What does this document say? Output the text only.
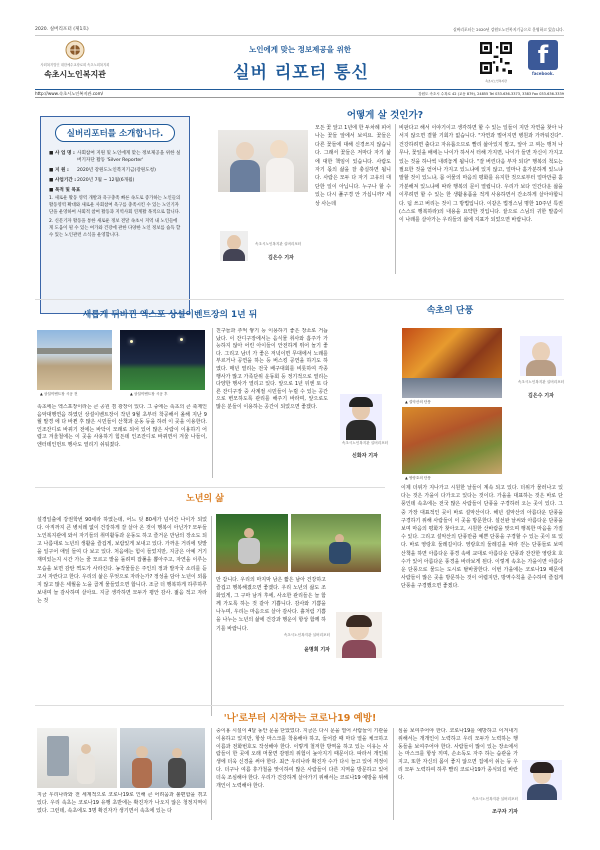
2020. 실버리포터 (제1호)	실버리포터는 2020년 강원도노인복지기금으로 운영하고 있습니다.
사회복지법인 대한예수교장로회 속초노회복지회
속초시노인복지관
노인에게 맞는 정보제공을 위한
실버 리포터 통신	속초시노인복지관
f
facebook.
http://www.속초시노인복지관.com/	강원도 속초시 수복로 42 (교동 879), 24855 Tel 033-636-3373, 3383 Fax 033-636-3339
실버리포터를 소개합니다.
■ 사 업 명 : 사회참여 지원 및 노인에게 맞는 정보제공을 위한 실버기자단 활동 'Silver Reporter'
■ 지 원 :	2020년 강원도노인복지기금(강원도청)
■ 사업기간 : 2020년 7월 ~ 12월(6개월)
■ 목적 및 목표
1. 새로운 활동 영역 개발과 욕구충족 빠른 속도로 증가하는 노인들의 활동영역 확대와 새로운 사회참여 욕구를 충족시킨 수 있는 노인기자단을 운영하여 사회적 참여 활동과 지역사회 연계활 목적으로 합니다.
2. 신문기자 활동을 통한 새로운 정보 전달 속초시 지역 내 노인들에게 도움이 될 수 있는 여가와 건강에 관한 다양한 노인 정보를 습득 할 수 있는 노인관련 소식을 운영합니다.
어떻게 살 것인가?
속초시노인복지관 실버리포터
김은수 기자
모든 꽃 앞고 1년에 한 두차례 피어나는 꽃들 앞에서 보여요. 꽃들은 다른 꽃들에 대해 신경쓰지 않습니다. 그래서 꽃들은 저마다 자기 삶에 대한 책임이 있습니다. 사람도 자기 몫의 삶을 잘 충실하면 됩니다. 사람은 모두 다 자기 고유의 대단한 일이 아닙니다. 누구나 할 수 있는 다시 풀구경 안 가십니까? 세상 사는데
비판다고 해서 이야기이고 생각하면 할 수 있는 일들이 지만 자연을 찾아 나서지 않으면 결할 기회가 없습니다. "자연과 멀어지면 병원과 가까워진다". 건강하려면 출다고 자유롭으므로 빨리 삶아있지 말고, 앞아 고 찌는 맹처 나무나, 꽃잎을 배에는 나이가 하서서 터해 가지면, 나이가 들면 자신이 가지고 있는 것을 하나씩 내려놓게 됩니다. "잘 버린다음 부자 되다" 행복의 척도는 필요한 것을 얻어나 가지고 있느냐에 있지 않고, 얼마나 홀가분하게 있느냐 말할 것이 있느냐, 몸 어물의 마음의 평화를 유지한 것으로부터 얼마만큼 홀가분해져 있느냐에 따라 행복의 문이 열립니다. 우리가 보다 인간다운 삶을 이루려면 할 수 있는 한 생활용품을 적게 사용하면서 간소하게 살아야합니다. 덥 쓰고 버리는 것이 그 방법입니다. 이같은 법정스님 명한 10주년 특권(스스로 행복하라)의 내용을 요약한 것입니다. 끝으로 스님의 귀한 말씀이 이 나래를 살아가는 우리들의 삶에 지표가 되었으면 바랍니다.
새롭게 뒤바뀐 엑스포 상설이벤트장의 1년 뒤
▲ 상설이벤트장 시공 전	▲ 상설이벤트장 시공 후
속초에는 엑스포장이라는 큰 공원 겸 광장이 있다. 그 중에는 속초의 큰 축제인 음악대행연음 하였던 상설이벤트장이 작년 9월 초부터 착공해서 올해 지난 9월 말경 에 다 바뀐 후 많은 시민들이 산책과 운동 등을 하러 이 곳을 이용한다. 인조잔디로 바뀌기 전에는 바닥이 모래로 되어 있어 많은 사람이 이용하기 어렵고 겨울철에는 이 곳을 사용하기 힘든데 인조잔디로 바뀌면서 겨울 나들이, 엔터테인먼트 행사도 열리기 쉬워졌다.
친구들과 추억 쌓기 등 이용하기 좋은 장소로 거듭났다. 이 잔디구장에서는 음식물 취사와 흡주가 가능하지 않아 어린 아이들이 안전하게 뛰어 놀기 좋다. 그리고 남녀 가 좋은 저녁이면 무대에서 노래를 부르거나 공연을 하는 등 버스킹 공연을 하기도 하였다. 매년 열리는 전국 배구대회를 비롯하여 각종 행사가 많고 가족단위 운동회 등 정기적으로 열리는 다양한 행사가 열리고 있다. 앞으로 1년 뒤엔 또 다른 잔디구장 중 사계절 시민들이 누릴 수 있는 공간으로 변모하도록 관리를 해주기 바라며, 앞으로도 많은 분들이 이용하는 공간이 되었으면 좋겠다.
속초시노인복지관 실버리포터
신화자 기자
속초의 단풍
▲ 설악산의 단풍
▲ 영랑호의 단풍
속초시노인복지관 실버리포터
김은수 기자
이제 더위가 지나가고 시원한 날들이 계속 되고 있다. 더위가 물러나고 있다는 것은 가을이 다가오고 있다는 것이다. 가을을 대표하는 것은 바로 단풍인데 속초에는 전국 많은 사람들이 단풍을 구경하러 오는 곳이 있다. 그 중 가장 대표적인 곳이 바로 설악산이다. 해년 설악산의 아름다운 단풍을 구경하기 위해 사람들이 이 곳을 방문한다. 설선완 날씨와 아름다운 단풍을 보며 마음의 평화가 찾아오고, 시원한 산바람을 맞으며 행복한 마음을 가질 수 있다. 그리고 설악산의 단풍만큼 예쁜 단풍을 구경할 수 있는 곳이 또 있다. 바로 영랑호 둘레길이다. 영랑호의 둘레길을 따라 걷는 단풍들로 보며 산책을 하면 아름다운 풍경 속에 교대로 아름다운 단풍과 잔잔한 영랑호 호수가 있어 아름다운 풍경을 바라보게 된다. 이렇게 속초는 가을이면 아름다운 단풍으로 물드는 도시로 탈바꿈한다. 이번 가을에는 코로나19 때문에 사람들이 많은 곳을 방문하는 것이 어렵지만, 방역수칙을 준수하며 즐겁게 단풍을 구경했으면 좋겠다.
노년의 삶
설경일출에 강권학번 90세라 하였는데, 어느 덧 80세가 넘어간 나이가 되었다. 아직까지 큰 병치레 없이 건강하게 잘 살아 온 것이 행복이 아닌가? 모두들 노인복지관에 와서 자기들의 취미활동과 운동도 하고 즐거운 만남의 장소도 되고 나름대로 노년의 생활을 즐겁게, 보람있게 보내고 있다. 가까운 거리에 텃밭을 일구어 애잎 들여 다 보고 있다. 처음에는 힘이 들었지만, 지금은 아예 거기 재미있는지 시간 가는 줄 모르고 밭을 돌려며 잡풀을 뽑아주고, 자연을 이루는 모습을 보면 감탄 찍도가 사라진다. 농작물들은 주인의 정과 발자국 소리를 듣고서 자란다고 한다. 우리의 삶은 무엇으로 자라는가? 정성을 담아 노년이 외롭지 않고 많은 세월을 노을 곱게 물들었으면 합니다. 조금 더 행복하게 하루하루 보내며 늘 감사하며 살아요. 지금 생각하면 모두가 평안 감사. 젊음 적고 자라는 것
만 갑니다. 우리의 마지막 남은 짧은 남아 건강하고 즐겁고 행복해졌으면 좋겠다. 우리 노년의 삶도 조화있게, 그 구마 남겨 후에, 사소한 관리들은 늘 함께 가도록 하는 것 같아 기쁩니다. 감사와 기쁨을 나누며, 우리는 마음으로 살아 감사다. 흙처럼 기쁨을 나누는 노년의 삶에 건강과 행운이 항상 함께 하기를 바랍니다.
속초시노인복지관 실버리포터
윤명희 기자
'나'로부터 시작하는 코로나19 예방!
지금 우리나라와 전 세계적으로 코로나19로 인해 큰 어려움과 불편함을 겪고 있다. 우리 속초는 코로나19 유행 초반에는 확진자가 나오지 않은 청정지역이었다. 그런데, 속초에도 3명 확진자가 생기면서 속초에 있는 다
중이용 시설이 4달 동안 문을 닫았었다. 지금은 다시 문을 열어 사람들이 기관을 이용하고 있지만, 항상 마스크를 착용해야 하고, 들어갈 때 마다 열을 체크하고 이름과 전화번호도 작성해야 한다. 이렇게 철저한 방역을 하고 있는 이유는 사람들이 한 곳에 오래 머물면 감염의 위험이 높아지기 때문이다. 따라서 개인위생에 더욱 신경을 써야 한다. 최근 우리나라 확진자 수가 다시 늘고 있어 걱정이다. 더구나 여름 휴가철을 맞이하여 많은 사람들이 다른 지역을 방문하고 있어 더욱 조심해야 한다. 우리가 건강하게 살아가기 위해서는 코로나19 예방을 위해 개인이 노력해야 한다.
심을 보여주어야 한다. 코로나19를 예방하고 이겨내기 위해서는 개개인이 노력하고 우리 모두가 노력하는 행동들을 보여주어야 한다. 사람들이 많이 있는 장소에서는 마스크를 항상 끼며, 손소독도 자주 하는 습관을 가지고, 또한 자신의 몸이 좋지 않으면 집에서 쉬는 등 우리 모두 노력하여 하루 빨리 코로나19가 종식되길 바란다.
속초시노인복지관 실버리포터
조구자 기자
